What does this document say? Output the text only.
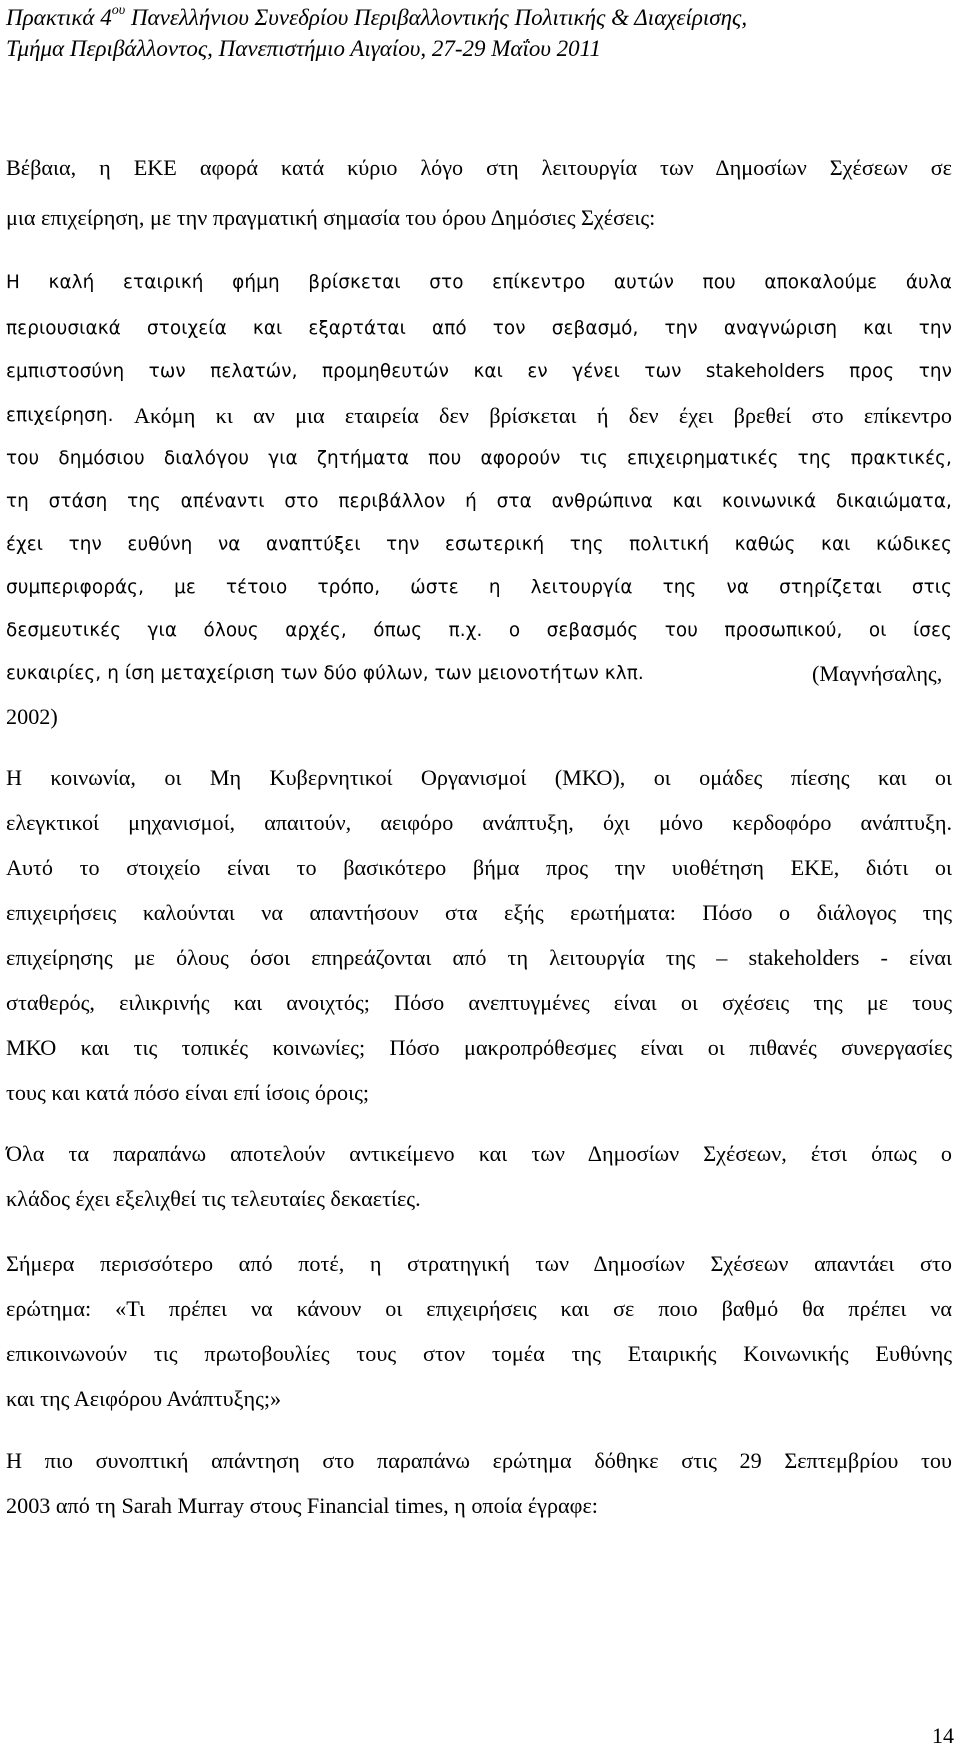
Πρακτικά $4^{o\upsilon}$ Πανελλήνιου Συνεδρίου Περιβαλλοντικής Πολιτικής & Διαχείρισης,
Τμήμα Περιβάλλοντος, Πανεπιστήμιο Αιγαίου, 27-29 Μαΐου 2011
Βέβαια, η ΕΚΕ αφορά κατά κύριο λόγο στη λειτουργία των Δημοσίων Σχέσεων σε
μια επιχείρηση, με την πραγματική σημασία του όρου Δημόσιες Σχέσεις:
Η καλή εταιρική φήμη βρίσκεται στο επίκεντρο αυτών που αποκαλούμε άυλα
περιουσιακά στοιχεία και εξαρτάται από τον σεβασμό, την αναγνώριση και την
εμπιστοσύνη των πελατών, προμηθευτών και εν γένει των stakeholders προς την
επιχείρηση. Ακόμη κι αν μια εταιρεία δεν βρίσκεται ή δεν έχει βρεθεί στο επίκεντρο
του δημόσιου διαλόγου για ζητήματα που αφορούν τις επιχειρηματικές της πρακτικές,
τη στάση της απέναντι στο περιβάλλον ή στα ανθρώπινα και κοινωνικά δικαιώματα,
έχει την ευθύνη να αναπτύξει την εσωτερική της πολιτική καθώς και κώδικες
συμπεριφοράς, με τέτοιο τρόπο, ώστε η λειτουργία της να στηρίζεται στις
δεσμευτικές για όλους αρχές, όπως π.χ. ο σεβασμός του προσωπικού, οι ίσες
ευκαιρίες, η ίση μεταχείριση των δύο φύλων, των μειονοτήτων κλπ.	(Μαγνήσαλης,
2002)
Η κοινωνία, οι Μη Κυβερνητικοί Οργανισμοί (ΜΚΟ), οι ομάδες πίεσης και οι
ελεγκτικοί μηχανισμοί, απαιτούν, αειφόρο ανάπτυξη, όχι μόνο κερδοφόρο ανάπτυξη.
Αυτό το στοιχείο είναι το βασικότερο βήμα προς την υιοθέτηση ΕΚΕ, διότι οι
επιχειρήσεις καλούνται να απαντήσουν στα εξής ερωτήματα: Πόσο ο διάλογος της
επιχείρησης με όλους όσοι επηρεάζονται από τη λειτουργία της – stakeholders - είναι
σταθερός, ειλικρινής και ανοιχτός; Πόσο ανεπτυγμένες είναι οι σχέσεις της με τους
ΜΚΟ και τις τοπικές κοινωνίες; Πόσο μακροπρόθεσμες είναι οι πιθανές συνεργασίες
τους και κατά πόσο είναι επί ίσοις όροις;
Όλα τα παραπάνω αποτελούν αντικείμενο και των Δημοσίων Σχέσεων, έτσι όπως ο
κλάδος έχει εξελιχθεί τις τελευταίες δεκαετίες.
Σήμερα περισσότερο από ποτέ, η στρατηγική των Δημοσίων Σχέσεων απαντάει στο
ερώτημα: «Τι πρέπει να κάνουν οι επιχειρήσεις και σε ποιο βαθμό θα πρέπει να
επικοινωνούν τις πρωτοβουλίες τους στον τομέα της Εταιρικής Κοινωνικής Ευθύνης
και της Αειφόρου Ανάπτυξης;»
Η πιο συνοπτική απάντηση στο παραπάνω ερώτημα δόθηκε στις 29 Σεπτεμβρίου του
2003 από τη Sarah Murray στους Financial times, η οποία έγραφε:
14
